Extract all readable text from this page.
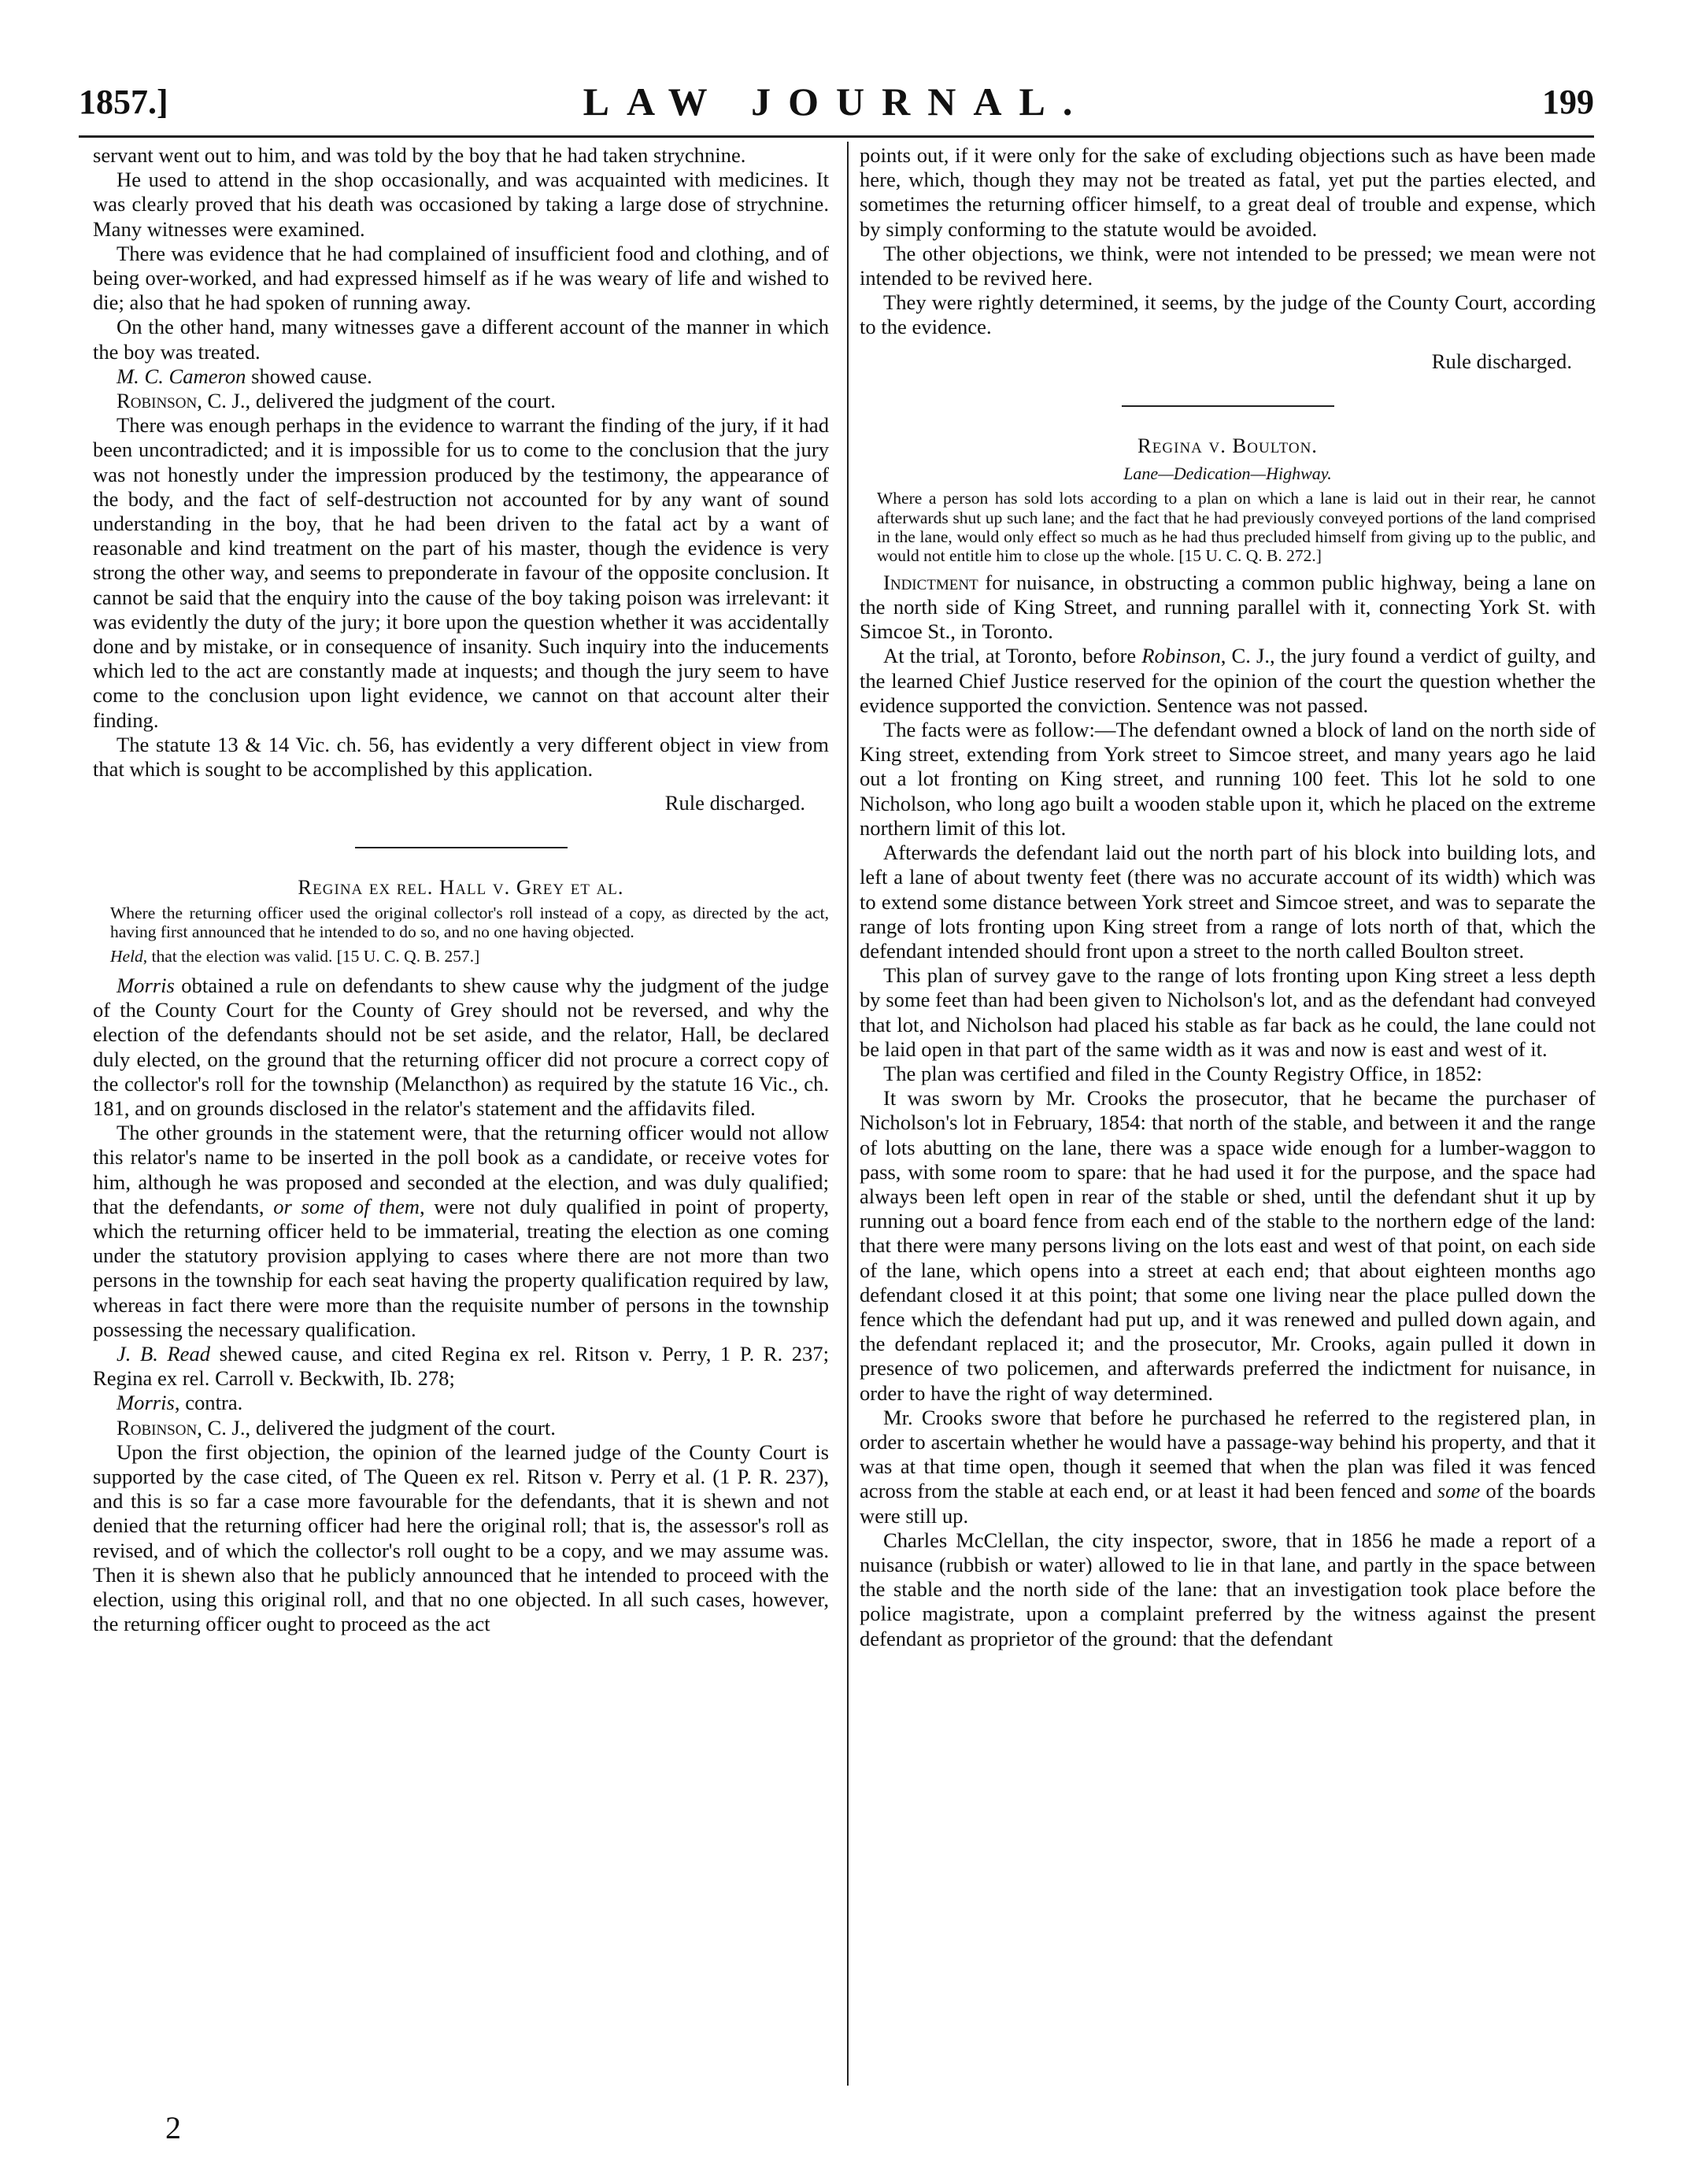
1857.]	LAW JOURNAL.	199

servant went out to him, and was told by the boy that he had taken strychnine.

He used to attend in the shop occasionally, and was acquainted with medicines. It was clearly proved that his death was occasioned by taking a large dose of strychnine. Many witnesses were examined.

There was evidence that he had complained of insufficient food and clothing, and of being over-worked, and had expressed himself as if he was weary of life and wished to die; also that he had spoken of running away.

On the other hand, many witnesses gave a different account of the manner in which the boy was treated.

M. C. Cameron showed cause.

Robinson, C. J., delivered the judgment of the court.

There was enough perhaps in the evidence to warrant the finding of the jury, if it had been uncontradicted; and it is impossible for us to come to the conclusion that the jury was not honestly under the impression produced by the testimony, the appearance of the body, and the fact of self-destruction not accounted for by any want of sound understanding in the boy, that he had been driven to the fatal act by a want of reasonable and kind treatment on the part of his master, though the evidence is very strong the other way, and seems to preponderate in favour of the opposite conclusion. It cannot be said that the enquiry into the cause of the boy taking poison was irrelevant: it was evidently the duty of the jury; it bore upon the question whether it was accidentally done and by mistake, or in consequence of insanity. Such inquiry into the inducements which led to the act are constantly made at inquests; and though the jury seem to have come to the conclusion upon light evidence, we cannot on that account alter their finding.

The statute 13 & 14 Vic. ch. 56, has evidently a very different object in view from that which is sought to be accomplished by this application.

Rule discharged.

Regina ex rel. Hall v. Grey et al.

Where the returning officer used the original collector's roll instead of a copy, as directed by the act, having first announced that he intended to do so, and no one having objected.

Held, that the election was valid. [15 U. C. Q. B. 257.]

Morris obtained a rule on defendants to shew cause why the judgment of the judge of the County Court for the County of Grey should not be reversed, and why the election of the defendants should not be set aside, and the relator, Hall, be declared duly elected, on the ground that the returning officer did not procure a correct copy of the collector's roll for the township (Melancthon) as required by the statute 16 Vic., ch. 181, and on grounds disclosed in the relator's statement and the affidavits filed.

The other grounds in the statement were, that the returning officer would not allow this relator's name to be inserted in the poll book as a candidate, or receive votes for him, although he was proposed and seconded at the election, and was duly qualified; that the defendants, or some of them, were not duly qualified in point of property, which the returning officer held to be immaterial, treating the election as one coming under the statutory provision applying to cases where there are not more than two persons in the township for each seat having the property qualification required by law, whereas in fact there were more than the requisite number of persons in the township possessing the necessary qualification.

J. B. Read shewed cause, and cited Regina ex rel. Ritson v. Perry, 1 P. R. 237; Regina ex rel. Carroll v. Beckwith, Ib. 278;

Morris, contra.

Robinson, C. J., delivered the judgment of the court.

Upon the first objection, the opinion of the learned judge of the County Court is supported by the case cited, of The Queen ex rel. Ritson v. Perry et al. (1 P. R. 237), and this is so far a case more favourable for the defendants, that it is shewn and not denied that the returning officer had here the original roll; that is, the assessor's roll as revised, and of which the collector's roll ought to be a copy, and we may assume was. Then it is shewn also that he publicly announced that he intended to proceed with the election, using this original roll, and that no one objected. In all such cases, however, the returning officer ought to proceed as the act

points out, if it were only for the sake of excluding objections such as have been made here, which, though they may not be treated as fatal, yet put the parties elected, and sometimes the returning officer himself, to a great deal of trouble and expense, which by simply conforming to the statute would be avoided.

The other objections, we think, were not intended to be pressed; we mean were not intended to be revived here.

They were rightly determined, it seems, by the judge of the County Court, according to the evidence.

Rule discharged.

Regina v. Boulton.

Lane—Dedication—Highway.

Where a person has sold lots according to a plan on which a lane is laid out in their rear, he cannot afterwards shut up such lane; and the fact that he had previously conveyed portions of the land comprised in the lane, would only effect so much as he had thus precluded himself from giving up to the public, and would not entitle him to close up the whole. [15 U. C. Q. B. 272.]

Indictment for nuisance, in obstructing a common public highway, being a lane on the north side of King Street, and running parallel with it, connecting York St. with Simcoe St., in Toronto.

At the trial, at Toronto, before Robinson, C. J., the jury found a verdict of guilty, and the learned Chief Justice reserved for the opinion of the court the question whether the evidence supported the conviction. Sentence was not passed.

The facts were as follow:—The defendant owned a block of land on the north side of King street, extending from York street to Simcoe street, and many years ago he laid out a lot fronting on King street, and running 100 feet. This lot he sold to one Nicholson, who long ago built a wooden stable upon it, which he placed on the extreme northern limit of this lot.

Afterwards the defendant laid out the north part of his block into building lots, and left a lane of about twenty feet (there was no accurate account of its width) which was to extend some distance between York street and Simcoe street, and was to separate the range of lots fronting upon King street from a range of lots north of that, which the defendant intended should front upon a street to the north called Boulton street.

This plan of survey gave to the range of lots fronting upon King street a less depth by some feet than had been given to Nicholson's lot, and as the defendant had conveyed that lot, and Nicholson had placed his stable as far back as he could, the lane could not be laid open in that part of the same width as it was and now is east and west of it.

The plan was certified and filed in the County Registry Office, in 1852:

It was sworn by Mr. Crooks the prosecutor, that he became the purchaser of Nicholson's lot in February, 1854: that north of the stable, and between it and the range of lots abutting on the lane, there was a space wide enough for a lumber-waggon to pass, with some room to spare: that he had used it for the purpose, and the space had always been left open in rear of the stable or shed, until the defendant shut it up by running out a board fence from each end of the stable to the northern edge of the land: that there were many persons living on the lots east and west of that point, on each side of the lane, which opens into a street at each end; that about eighteen months ago defendant closed it at this point; that some one living near the place pulled down the fence which the defendant had put up, and it was renewed and pulled down again, and the defendant replaced it; and the prosecutor, Mr. Crooks, again pulled it down in presence of two policemen, and afterwards preferred the indictment for nuisance, in order to have the right of way determined.

Mr. Crooks swore that before he purchased he referred to the registered plan, in order to ascertain whether he would have a passage-way behind his property, and that it was at that time open, though it seemed that when the plan was filed it was fenced across from the stable at each end, or at least it had been fenced and some of the boards were still up.

Charles McClellan, the city inspector, swore, that in 1856 he made a report of a nuisance (rubbish or water) allowed to lie in that lane, and partly in the space between the stable and the north side of the lane: that an investigation took place before the police magistrate, upon a complaint preferred by the witness against the present defendant as proprietor of the ground: that the defendant

2
